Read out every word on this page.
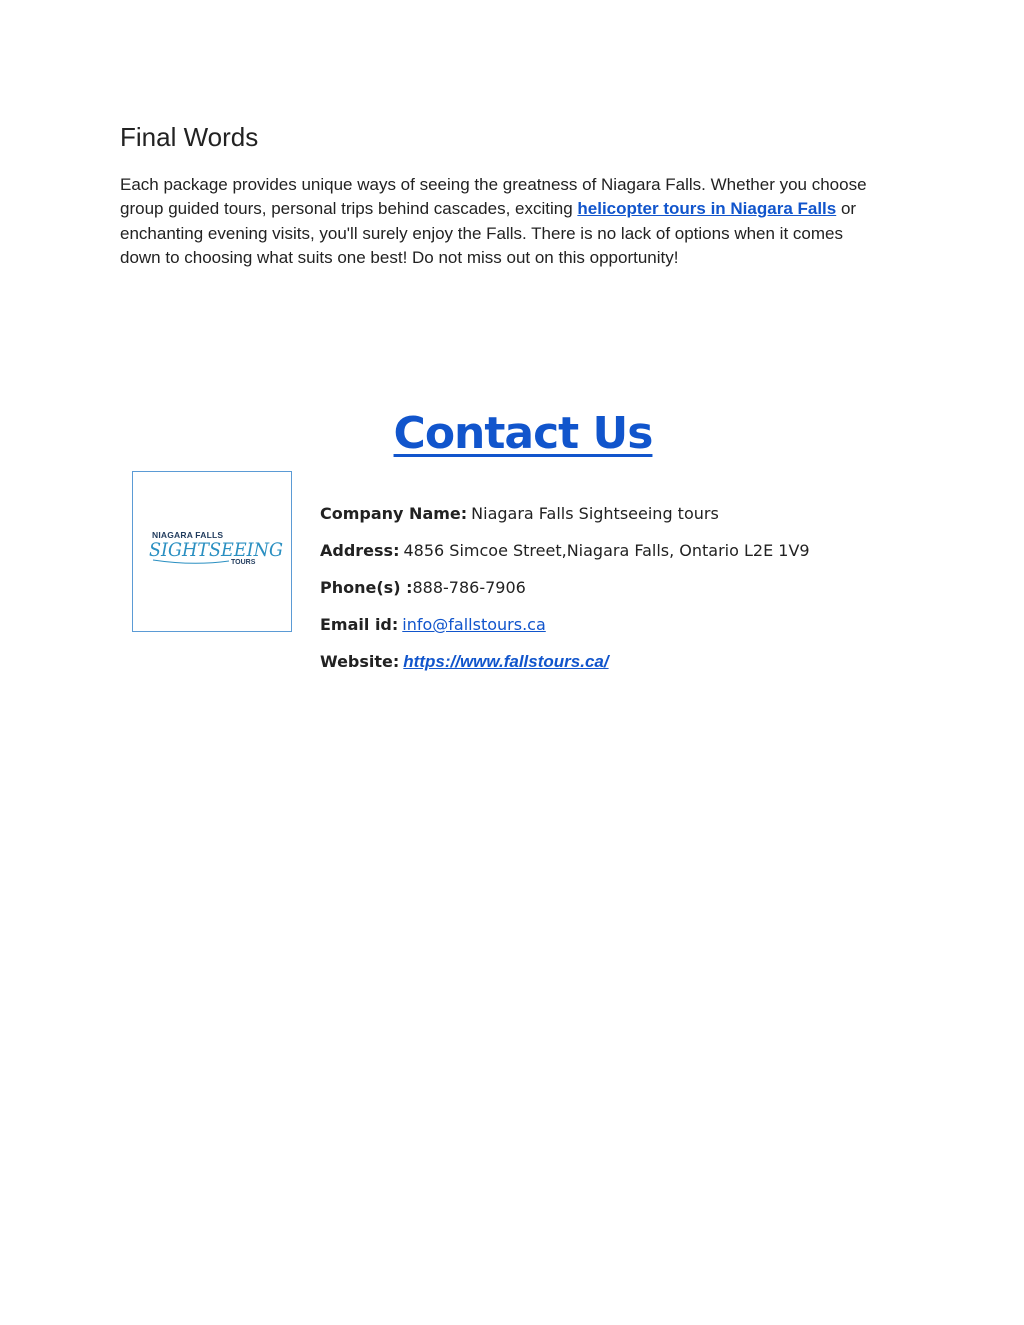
Final Words

Each package provides unique ways of seeing the greatness of Niagara Falls. Whether you choose group guided tours, personal trips behind cascades, exciting helicopter tours in Niagara Falls or enchanting evening visits, you'll surely enjoy the Falls. There is no lack of options when it comes down to choosing what suits one best! Do not miss out on this opportunity!

Contact Us
NIAGARA FALLS
SIGHTSEEING
TOURS
Company Name: Niagara Falls Sightseeing tours
Address: 4856 Simcoe Street,Niagara Falls, Ontario L2E 1V9
Phone(s) :888-786-7906
Email id: info@fallstours.ca
Website: https://www.fallstours.ca/
